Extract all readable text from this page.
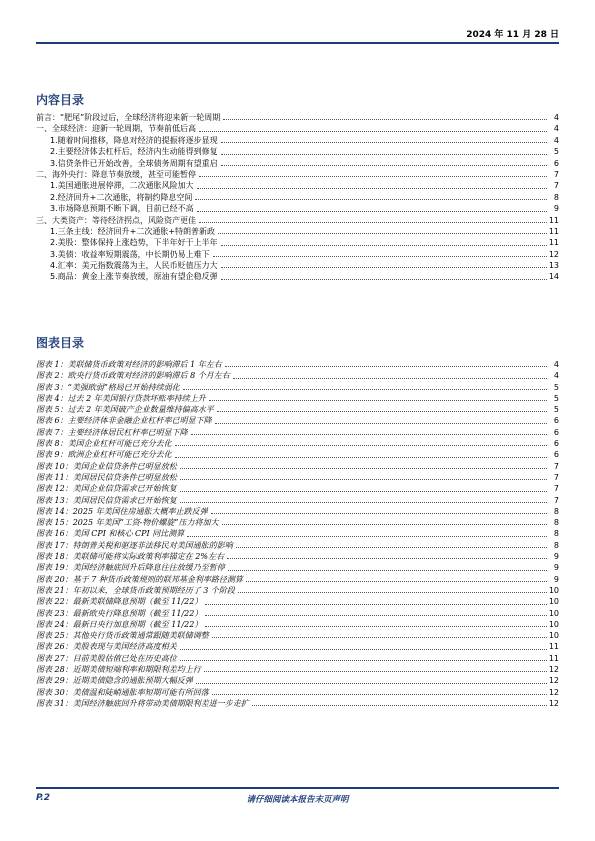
2024 年 11 月 28 日
内容目录
前言：“肥尾”阶段过后，全球经济将迎来新一轮周期	4
一、全球经济：迎新一轮周期，节奏前低后高	4
1.随着时间推移，降息对经济的提振将逐步显现	4
2.主要经济体去杠杆后，经济内生动能得到修复	5
3.信贷条件已开始改善，全球债务周期有望重启	6
二、海外央行：降息节奏放缓，甚至可能暂停	7
1.美国通胀进展停滞，二次通胀风险加大	7
2.经济回升+二次通胀，将制约降息空间	8
3.市场降息预期不断下调，目前已经不高	9
三、大类资产：等待经济拐点，风险资产更佳	11
1.三条主线：经济回升+二次通胀+特朗普新政	11
2.美股：整体保持上涨趋势，下半年好于上半年	11
3.美债：收益率短期震荡，中长期仍易上难下	12
4.汇率：美元指数震荡为主，人民币贬值压力大	13
5.商品：黄金上涨节奏放缓，原油有望企稳反弹	14
图表目录
图表 1：美联储货币政策对经济的影响滞后 1 年左右	4
图表 2：欧央行货币政策对经济的影响滞后 8 个月左右	4
图表 3：“美强欧弱”格局已开始持续弱化	5
图表 4：过去 2 年美国银行贷款坏账率持续上升	5
图表 5：过去 2 年美国破产企业数量维持偏高水平	5
图表 6：主要经济体非金融企业杠杆率已明显下降	6
图表 7：主要经济体居民杠杆率已明显下降	6
图表 8：美国企业杠杆可能已充分去化	6
图表 9：欧洲企业杠杆可能已充分去化	6
图表 10：美国企业信贷条件已明显放松	7
图表 11：美国居民信贷条件已明显放松	7
图表 12：美国企业信贷需求已开始恢复	7
图表 13：美国居民信贷需求已开始恢复	7
图表 14：2025 年美国住房通胀大概率止跌反弹	8
图表 15：2025 年美国“工资-物价螺旋”压力将加大	8
图表 16：美国 CPI 和核心 CPI 同比测算	8
图表 17：特朗普关税和驱逐非法移民对美国通胀的影响	8
图表 18：美联储可能将实际政策利率锚定在 2%左右	9
图表 19：美国经济触底回升后降息往往放缓乃至暂停	9
图表 20：基于 7 种货币政策规则的联邦基金利率路径测算	9
图表 21：年初以来，全球货币政策预期经历了 3 个阶段	10
图表 22：最新美联储降息预期（截至 11/22）	10
图表 23：最新欧央行降息预期（截至 11/22）	10
图表 24：最新日央行加息预期（截至 11/22）	10
图表 25：其他央行货币政策通常跟随美联储调整	10
图表 26：美股表现与美国经济高度相关	11
图表 27：目前美股估值已处在历史高位	11
图表 28：近期美债短端利率和期限利差均上行	12
图表 29：近期美债隐含的通胀预期大幅反弹	12
图表 30：美债温和陡峭通胀率短期可能有所回落	12
图表 31：美国经济触底回升将带动美债期限利差进一步走扩	12
P.2	请仔细阅读本报告末页声明
